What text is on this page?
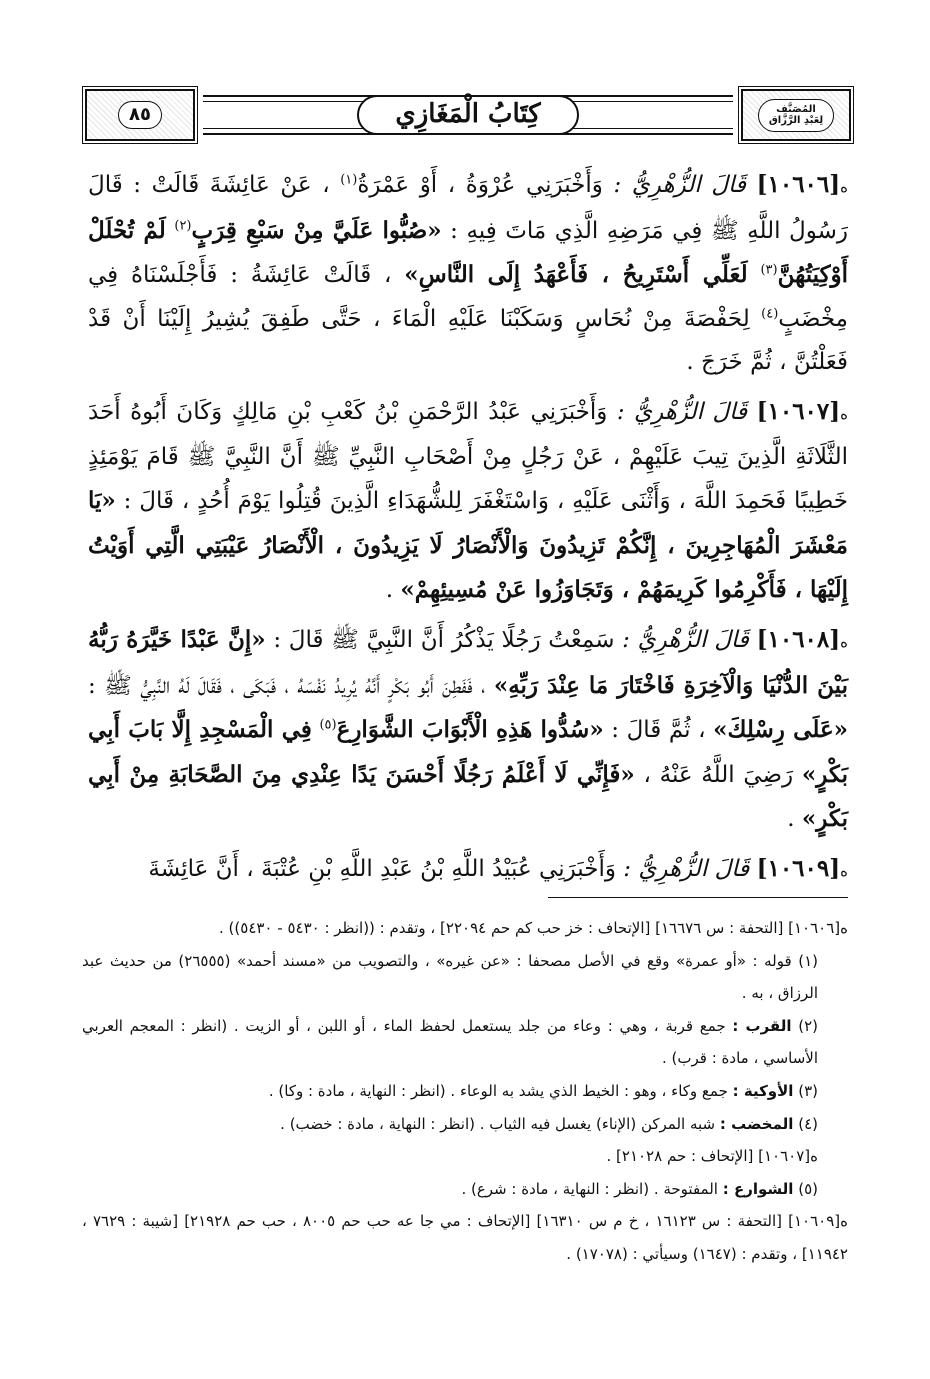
المُصَنَّف
لِعَبْدِ الرَّزَّاق
كِتَابُ الْمَغَازِي
٨٥

ە[١٠٦٠٦] قَالَ الزُّهْرِيُّ : وَأَخْبَرَنِي عُرْوَةُ ، أَوْ عَمْرَةُ$^{(١)}$ ، عَنْ عَائِشَةَ قَالَتْ : قَالَ رَسُولُ اللَّهِ ﷺ فِي مَرَضِهِ الَّذِي مَاتَ فِيهِ : «صُبُّوا عَلَيَّ مِنْ سَبْعِ قِرَبٍ$^{(٢)}$ لَمْ تُحْلَلْ أَوْكِيَتُهُنَّ$^{(٣)}$ لَعَلِّي أَسْتَرِيحُ ، فَأَعْهَدُ إِلَى النَّاسِ» ، قَالَتْ عَائِشَةُ : فَأَجْلَسْنَاهُ فِي مِخْضَبٍ$^{(٤)}$ لِحَفْصَةَ مِنْ نُحَاسٍ وَسَكَبْنَا عَلَيْهِ الْمَاءَ ، حَتَّى طَفِقَ يُشِيرُ إِلَيْنَا أَنْ قَدْ فَعَلْتُنَّ ، ثُمَّ خَرَجَ .

ە[١٠٦٠٧] قَالَ الزُّهْرِيُّ : وَأَخْبَرَنِي عَبْدُ الرَّحْمَنِ بْنُ كَعْبِ بْنِ مَالِكٍ وَكَانَ أَبُوهُ أَحَدَ الثَّلَاثَةِ الَّذِينَ تِيبَ عَلَيْهِمْ ، عَنْ رَجُلٍ مِنْ أَصْحَابِ النَّبِيِّ ﷺ أَنَّ النَّبِيَّ ﷺ قَامَ يَوْمَئِذٍ خَطِيبًا فَحَمِدَ اللَّهَ ، وَأَثْنَى عَلَيْهِ ، وَاسْتَغْفَرَ لِلشُّهَدَاءِ الَّذِينَ قُتِلُوا يَوْمَ أُحُدٍ ، قَالَ : «يَا مَعْشَرَ الْمُهَاجِرِينَ ، إِنَّكُمْ تَزِيدُونَ وَالْأَنْصَارُ لَا يَزِيدُونَ ، الْأَنْصَارُ عَيْبَتِي الَّتِي أَوَيْتُ إِلَيْهَا ، فَأَكْرِمُوا كَرِيمَهُمْ ، وَتَجَاوَزُوا عَنْ مُسِيئِهِمْ» .

ە[١٠٦٠٨] قَالَ الزُّهْرِيُّ : سَمِعْتُ رَجُلًا يَذْكُرُ أَنَّ النَّبِيَّ ﷺ قَالَ : «إِنَّ عَبْدًا خَيَّرَهُ رَبُّهُ بَيْنَ الدُّنْيَا وَالْآخِرَةِ فَاخْتَارَ مَا عِنْدَ رَبِّهِ» ، فَفَطِنَ أَبُو بَكْرٍ أَنَّهُ يُرِيدُ نَفْسَهُ ، فَبَكَى ، فَقَالَ لَهُ النَّبِيُّ ﷺ : «عَلَى رِسْلِكَ» ، ثُمَّ قَالَ : «سُدُّوا هَذِهِ الْأَبْوَابَ الشَّوَارِعَ$^{(٥)}$ فِي الْمَسْجِدِ إِلَّا بَابَ أَبِي بَكْرٍ» رَضِيَ اللَّهُ عَنْهُ ، «فَإِنِّي لَا أَعْلَمُ رَجُلًا أَحْسَنَ يَدًا عِنْدِي مِنَ الصَّحَابَةِ مِنْ أَبِي بَكْرٍ» .

ە[١٠٦٠٩] قَالَ الزُّهْرِيُّ : وَأَخْبَرَنِي عُبَيْدُ اللَّهِ بْنُ عَبْدِ اللَّهِ بْنِ عُتْبَةَ ، أَنَّ عَائِشَةَ

ە[١٠٦٠٦] [التحفة : س ١٦٦٧٦] [الإتحاف : خز حب كم حم ٢٢٠٩٤] ، وتقدم : ((انظر : ٥٤٣٠ - ٥٤٣٠)) .

(١) قوله : «أو عمرة» وقع في الأصل مصحفا : «عن غيره» ، والتصويب من «مسند أحمد» (٢٦٥٥٥) من حديث عبد الرزاق ، به .

(٢) القرب : جمع قربة ، وهي : وعاء من جلد يستعمل لحفظ الماء ، أو اللبن ، أو الزيت . (انظر : المعجم العربي الأساسي ، مادة : قرب) .

(٣) الأوكية : جمع وكاء ، وهو : الخيط الذي يشد به الوعاء . (انظر : النهاية ، مادة : وكا) .

(٤) المخضب : شبه المركن (الإناء) يغسل فيه الثياب . (انظر : النهاية ، مادة : خضب) .

ە[١٠٦٠٧] [الإتحاف : حم ٢١٠٢٨] .

(٥) الشوارع : المفتوحة . (انظر : النهاية ، مادة : شرع) .

ە[١٠٦٠٩] [التحفة : س ١٦١٢٣ ، خ م س ١٦٣١٠] [الإتحاف : مي جا عه حب حم ٨٠٠٥ ، حب حم ٢١٩٢٨] [شيبة : ٧٦٢٩ ، ١١٩٤٢] ، وتقدم : (١٦٤٧) وسيأتي : (١٧٠٧٨) .
